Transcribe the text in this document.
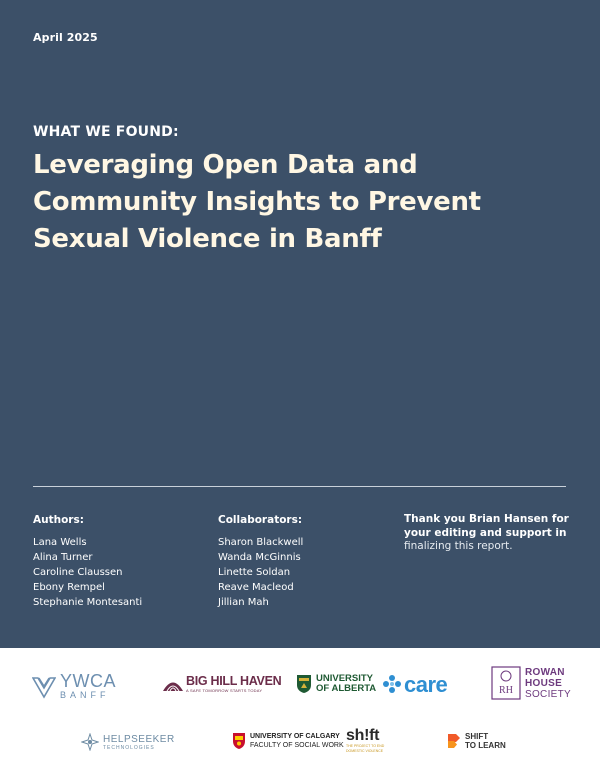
April 2025
WHAT WE FOUND:
Leveraging Open Data and
Community Insights to Prevent
Sexual Violence in Banff
Authors:
Lana Wells
Alina Turner
Caroline Claussen
Ebony Rempel
Stephanie Montesanti
Collaborators:
Sharon Blackwell
Wanda McGinnis
Linette Soldan
Reave Macleod
Jillian Mah
Thank you Brian Hansen for
your editing and support in
finalizing this report.
YWCA
BANFF
BIG HILL HAVEN
A SAFE TOMORROW STARTS TODAY
UNIVERSITY
OF ALBERTA care	RH
ROWAN
HOUSE
SOCIETY
HELPSEEKER
TECHNOLOGIES
UNIVERSITY OF CALGARY
FACULTY OF SOCIAL WORK
sh!ft
THE PROJECT TO END
DOMESTIC VIOLENCE
SHIFT
TO LEARN
